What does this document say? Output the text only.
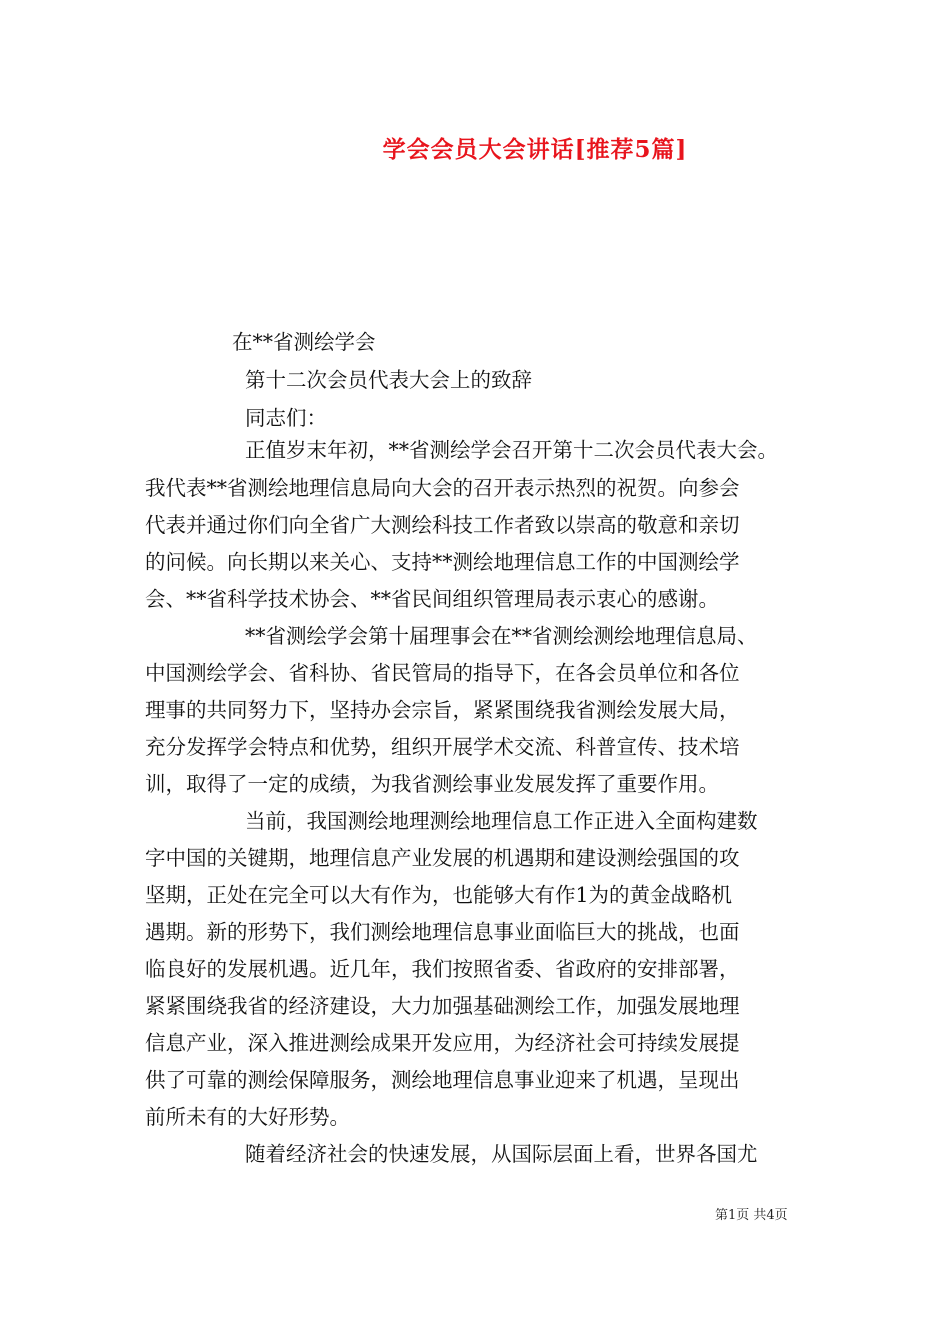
学会会员大会讲话[推荐5篇]
在**省测绘学会
第十二次会员代表大会上的致辞
同志们：
正值岁末年初，**省测绘学会召开第十二次会员代表大会。
我代表**省测绘地理信息局向大会的召开表示热烈的祝贺。向参会
代表并通过你们向全省广大测绘科技工作者致以崇高的敬意和亲切
的问候。向长期以来关心、支持**测绘地理信息工作的中国测绘学
会、**省科学技术协会、**省民间组织管理局表示衷心的感谢。
**省测绘学会第十届理事会在**省测绘测绘地理信息局、
中国测绘学会、省科协、省民管局的指导下，在各会员单位和各位
理事的共同努力下，坚持办会宗旨，紧紧围绕我省测绘发展大局，
充分发挥学会特点和优势，组织开展学术交流、科普宣传、技术培
训，取得了一定的成绩，为我省测绘事业发展发挥了重要作用。
当前，我国测绘地理测绘地理信息工作正进入全面构建数
字中国的关键期，地理信息产业发展的机遇期和建设测绘强国的攻
坚期，正处在完全可以大有作为，也能够大有作1为的黄金战略机
遇期。新的形势下，我们测绘地理信息事业面临巨大的挑战，也面
临良好的发展机遇。近几年，我们按照省委、省政府的安排部署，
紧紧围绕我省的经济建设，大力加强基础测绘工作，加强发展地理
信息产业，深入推进测绘成果开发应用，为经济社会可持续发展提
供了可靠的测绘保障服务，测绘地理信息事业迎来了机遇，呈现出
前所未有的大好形势。
随着经济社会的快速发展，从国际层面上看，世界各国尤
第1页 共4页
